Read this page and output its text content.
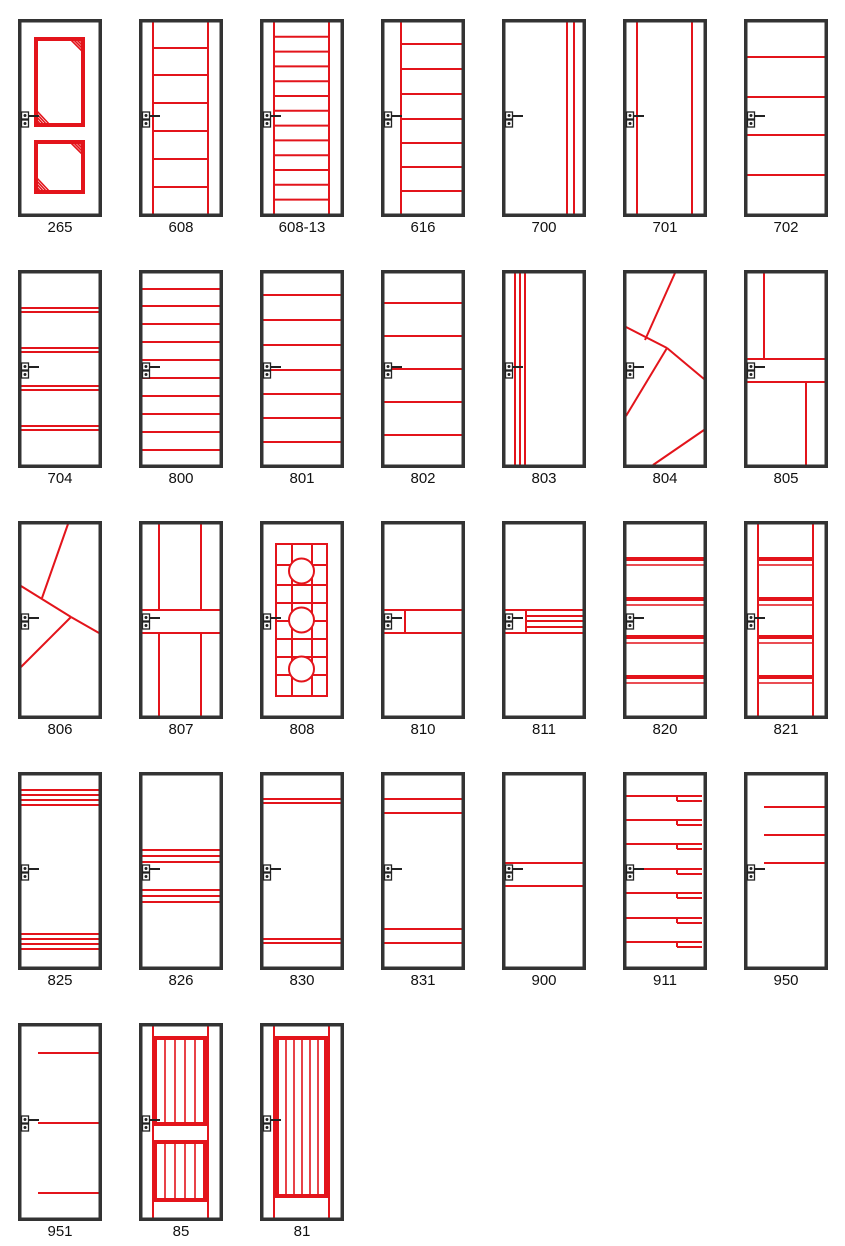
265	608	608-13	616	700	701	702
704	800	801	802	803	804	805
806	807	808	810	811	820	821
825	826	830	831	900	911	950
951	85	81
